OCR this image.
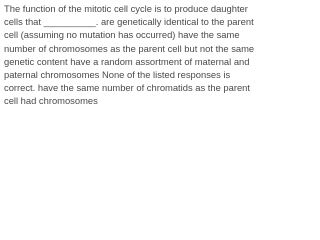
The function of the mitotic cell cycle is to produce daughter cells that __________. are genetically identical to the parent cell (assuming no mutation has occurred) have the same number of chromosomes as the parent cell but not the same genetic content have a random assortment of maternal and paternal chromosomes None of the listed responses is correct. have the same number of chromatids as the parent cell had chromosomes
